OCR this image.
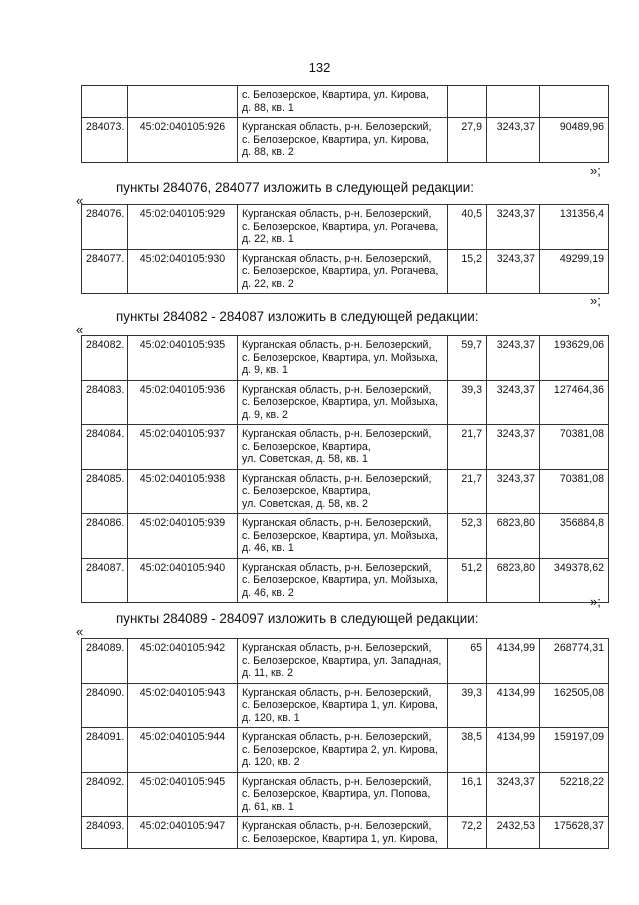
132
		с. Белозерское, Квартира, ул. Кирова,
д. 88, кв. 1			
284073.	45:02:040105:926	Курганская область, р-н. Белозерский,
с. Белозерское, Квартира, ул. Кирова,
д. 88, кв. 2	27,9	3243,37	90489,96
»;
пункты 284076, 284077 изложить в следующей редакции:
«
284076.	45:02:040105:929	Курганская область, р-н. Белозерский,
с. Белозерское, Квартира, ул. Рогачева,
д. 22, кв. 1	40,5	3243,37	131356,4
284077.	45:02:040105:930	Курганская область, р-н. Белозерский,
с. Белозерское, Квартира, ул. Рогачева,
д. 22, кв. 2	15,2	3243,37	49299,19
»;
пункты 284082 - 284087 изложить в следующей редакции:
«
284082.	45:02:040105:935	Курганская область, р-н. Белозерский,
с. Белозерское, Квартира, ул. Мойзыха,
д. 9, кв. 1	59,7	3243,37	193629,06
284083.	45:02:040105:936	Курганская область, р-н. Белозерский,
с. Белозерское, Квартира, ул. Мойзыха,
д. 9, кв. 2	39,3	3243,37	127464,36
284084.	45:02:040105:937	Курганская область, р-н. Белозерский,
с. Белозерское, Квартира,
ул. Советская, д. 58, кв. 1	21,7	3243,37	70381,08
284085.	45:02:040105:938	Курганская область, р-н. Белозерский,
с. Белозерское, Квартира,
ул. Советская, д. 58, кв. 2	21,7	3243,37	70381,08
284086.	45:02:040105:939	Курганская область, р-н. Белозерский,
с. Белозерское, Квартира, ул. Мойзыха,
д. 46, кв. 1	52,3	6823,80	356884,8
284087.	45:02:040105:940	Курганская область, р-н. Белозерский,
с. Белозерское, Квартира, ул. Мойзыха,
д. 46, кв. 2	51,2	6823,80	349378,62
»;
пункты 284089 - 284097 изложить в следующей редакции:
«
284089.	45:02:040105:942	Курганская область, р-н. Белозерский,
с. Белозерское, Квартира, ул. Западная,
д. 11, кв. 2	65	4134,99	268774,31
284090.	45:02:040105:943	Курганская область, р-н. Белозерский,
с. Белозерское, Квартира 1, ул. Кирова,
д. 120, кв. 1	39,3	4134,99	162505,08
284091.	45:02:040105:944	Курганская область, р-н. Белозерский,
с. Белозерское, Квартира 2, ул. Кирова,
д. 120, кв. 2	38,5	4134,99	159197,09
284092.	45:02:040105:945	Курганская область, р-н. Белозерский,
с. Белозерское, Квартира, ул. Попова,
д. 61, кв. 1	16,1	3243,37	52218,22
284093.	45:02:040105:947	Курганская область, р-н. Белозерский,
с. Белозерское, Квартира 1, ул. Кирова,	72,2	2432,53	175628,37
